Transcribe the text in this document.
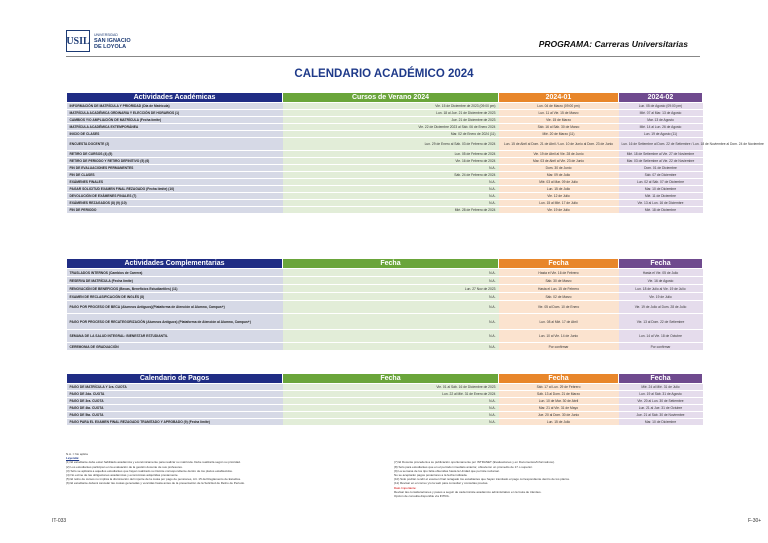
USIL
UNIVERSIDAD
SAN IGNACIO
DE LOYOLA	PROGRAMA: Carreras Universitarias
CALENDARIO ACADÉMICO 2024
Actividades Académicas	Cursos de Verano 2024	2024-01	2024-02
INFORMACIÓN DE MATRÍCULA Y PRIORIDAD (Día de Matrícula)	Vie. 15 de Diciembre de 2023 (09:00 pm)	Lun. 04 de Marzo (09:00 pm)	Lun. 05 de Agosto (09:00 pm)
MATRÍCULA ACADÉMICA ORDINARIA Y ELECCIÓN DE HORARIOS (1)	Lun. 18 al Jue. 21 de Diciembre de 2023	Lun. 11 al Vie. 15 de Marzo	Mié. 07 al Mar. 13 de Agosto
CAMBIOS Y/O AMPLIACIÓN DE MATRÍCULA (Fecha límite)	Jue. 21 de Diciembre de 2023	Vie. 15 de Marzo	Mar. 13 de Agosto
MATRÍCULA ACADÉMICA EXTEMPORÁNEA	Vie. 22 de Diciembre 2023 al Sáb. 06 de Enero 2024	Sáb. 16 al Sáb. 30 de Marzo	Mié. 14 al Lun. 26 de Agosto
INICIO DE CLASES	Mar. 02 de Enero de 2024 (11)	Mié. 20 de Marzo (11)	Lun. 19 de Agosto (11)
ENCUESTA DOCENTE (2)	Lun. 29 de Enero al Sáb. 03 de Febrero de 2024	Lun. 15 de Abril al Dom. 21 de Abril / Lun. 10 de Junio al Dom. 23 de Junio	Lun. 16 de Setiembre al Dom. 22 de Setiembre / Lun. 18 de Noviembre al Dom. 24 de Noviembre
RETIRO DE CURSOS (4) (5)	Lun. 05 de Febrero de 2024	Vie. 19 de Abril al Vie. 28 de Junio	Mié. 18 de Setiembre al Vie. 27 de Noviembre
RETIRO DE PERIODO Y RETIRO DEFINITIVO (5) (6)	Vie. 16 de Febrero de 2024	Mar. 03 de Abril al Vie. 23 de Junio	Mar. 03 de Setiembre al Vie. 22 de Noviembre
FIN DE EVALUACIONES PERMANENTES	N.A.	Dom. 30 de Junio	Dom. 01 de Diciembre
FIN DE CLASES	Sáb. 24 de Febrero de 2024	Mar. 09 de Julio	Sáb. 07 de Diciembre
EXÁMENES FINALES	N.A.	Mié. 03 al Mar. 09 de Julio	Lun. 02 al Sáb. 07 de Diciembre
PAGAR SOLICITUD EXAMEN FINAL REZAGADO (Fecha límite) (10)	N.A.	Lun. 15 de Julio	Mar. 10 de Diciembre
DEVOLUCIÓN DE EXÁMENES FINALES (7)	N.A.	Vie. 12 de Julio	Mié. 11 de Diciembre
EXÁMENES REZAGADOS (8) (9) (10)	N.A.	Lun. 15 al Mié. 17 de Julio	Vie. 13 al Lun. 16 de Diciembre
FIN DE PERIODO	Mié. 28 de Febrero de 2024	Vie. 19 de Julio	Mié. 18 de Diciembre
Actividades Complementarias	Fecha	Fecha	Fecha
TRASLADOS INTERNOS (Cambios de Carrera)	N.A.	Hasta el Vie. 16 de Febrero	Hasta el Vie. 05 de Julio
RESERVA DE MATRÍCULA (Fecha límite)	N.A.	Sáb. 30 de Marzo	Vie. 16 de Agosto
RENOVACIÓN DE BENEFICIOS (Becas, Beneficios Estudiantiles) (11)	Lun. 27 Nov de 2023	Hasta el Lun. 15 de Febrero	Lun. 18 de Julio al Vie. 19 de Julio
EXAMEN DE RECLASIFICACIÓN DE INGLÉS (8)	N.A.	Sáb. 02 de Marzo	Vie. 19 de Julio
PAGO POR PROCESO DE BECA (Alumnos Antiguos)(Plataforma de Atención al Alumno, Campus+)	N.A.	Vie. 05 al Dom. 10 de Enero	Vie. 19 de Julio al Dom. 28 de Julio
PAGO POR PROCESO DE RECATEGORIZACIÓN (Alumnos Antiguos) (Plataforma de Atención al Alumno, Campus+)	N.A.	Lun. 08 al Mié. 17 de Abril	Vie. 13 al Dom. 22 de Setiembre
SEMANA DE LA SALUD INTEGRAL: BIENESTAR ESTUDIANTIL	N.A.	Lun. 10 al Vie. 14 de Junio	Lun. 14 al Vie. 18 de Octubre
CEREMONIA DE GRADUACIÓN	N.A.	Por confirmar	Por confirmar
Calendario de Pagos	Fecha	Fecha	Fecha
PAGO DE MATRÍCULA Y 1ra. CUOTA	Vie. 01 al Sáb. 16 de Diciembre de 2023	Sáb. 17 al Lun. 29 de Febrero	Mié. 24 al Mié. 31 de Julio
PAGO DE 2da. CUOTA	Lun. 22 al Mié. 31 de Enero de 2024	Sáb. 13 al Dom. 21 de Marzo	Lun. 19 al Sáb. 31 de Agosto
PAGO DE 3ra. CUOTA	N.A.	Lun. 10 de Mar. 30 de Abril	Vie. 20 al Lun. 30 de Setiembre
PAGO DE 4ta. CUOTA	N.A.	Mar. 21 al Vie. 31 de Mayo	Lun. 21 al Jue. 31 de Octubre
PAGO DE 5ta. CUOTA	N.A.	Jue. 20 al Dom. 30 de Junio	Jue. 21 al Sáb. 30 de Noviembre
PAGO PARA EL EXAMEN FINAL REZAGADO TRAMITADO Y APROBADO (9) (Fecha límite)	N.A.	Lun. 15 de Julio	Mar. 10 de Diciembre
N.A. = No aplica
Leyenda:
(1) El estudiante debe estar habilitado académica y económicamente para realizar su matrícula. Debe realizarla según su prioridad.
(2) Los estudiantes participan en la evaluación de la gestión docente de sus profesores.
(3) Sólo se aplicará a aquellos estudiantes que hayan realizado su trámite correspondiente dentro de los plazos establecidos.
(4) No exime de las obligaciones académicas y económicas adquiridas previamente.
(5) El retiro de cursos no implica la disminución del importe de la cuota por pago de pensiones, Art. 15 del Reglamento de Estudios.
(6) El estudiante deberá cancelar las cuotas generadas y vencidas hasta antes de la presentación de la Solicitud de Retiro de Periodo.
(7) El Docente procederá a su publicación oportunamente por INTRANET (Evaluaciones y en Documentos/Informativos).
(8) Solo para estudiantes que en el período inmediato anterior, obtuvieron un promedio de 17 o superior.
(9) La semana de los tipo falta obtenidas hasta la Unidad que permite reclamar.
No se aceptarán pagos posteriores a la fecha indicada.
(10) Sólo podrán rendir el examen final rezagado los estudiantes que hayan tramitado el pago correspondiente dentro de los plazos.
(11) Revisar en el correo y/o la web para consultar y consultas previas.
Dato Importante:
Revisar las consideraciones y pasos a seguir de cada trámite académico administrativo en la Guía de trámites.
Opción de consulta disponible vía INTRA.
IT-033	F-30+
